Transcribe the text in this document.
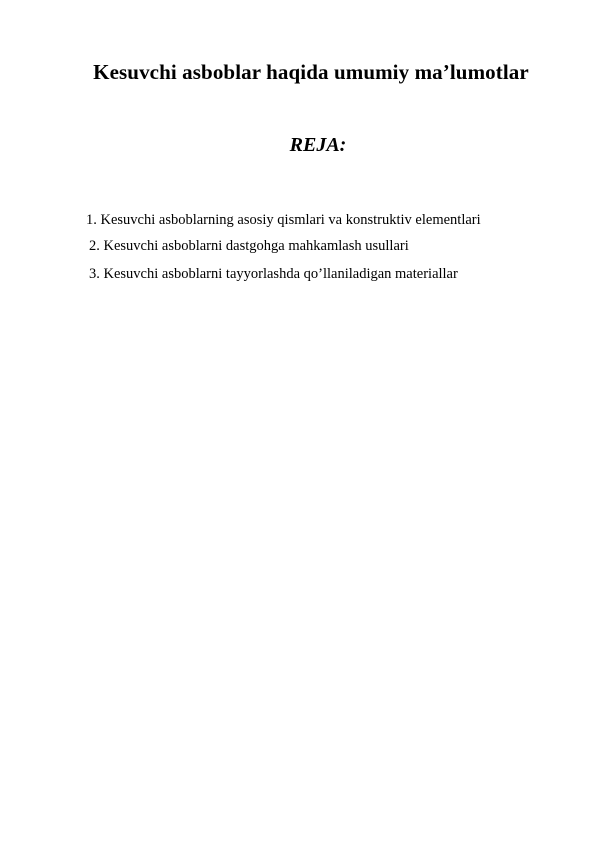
Kesuvchi asboblar haqida umumiy ma’lumotlar
REJA:
1. Kesuvchi asboblarning asosiy qismlari va konstruktiv elementlari
2. Kesuvchi asboblarni dastgohga mahkamlash usullari
3. Kesuvchi asboblarni tayyorlashda qo’llaniladigan materiallar
